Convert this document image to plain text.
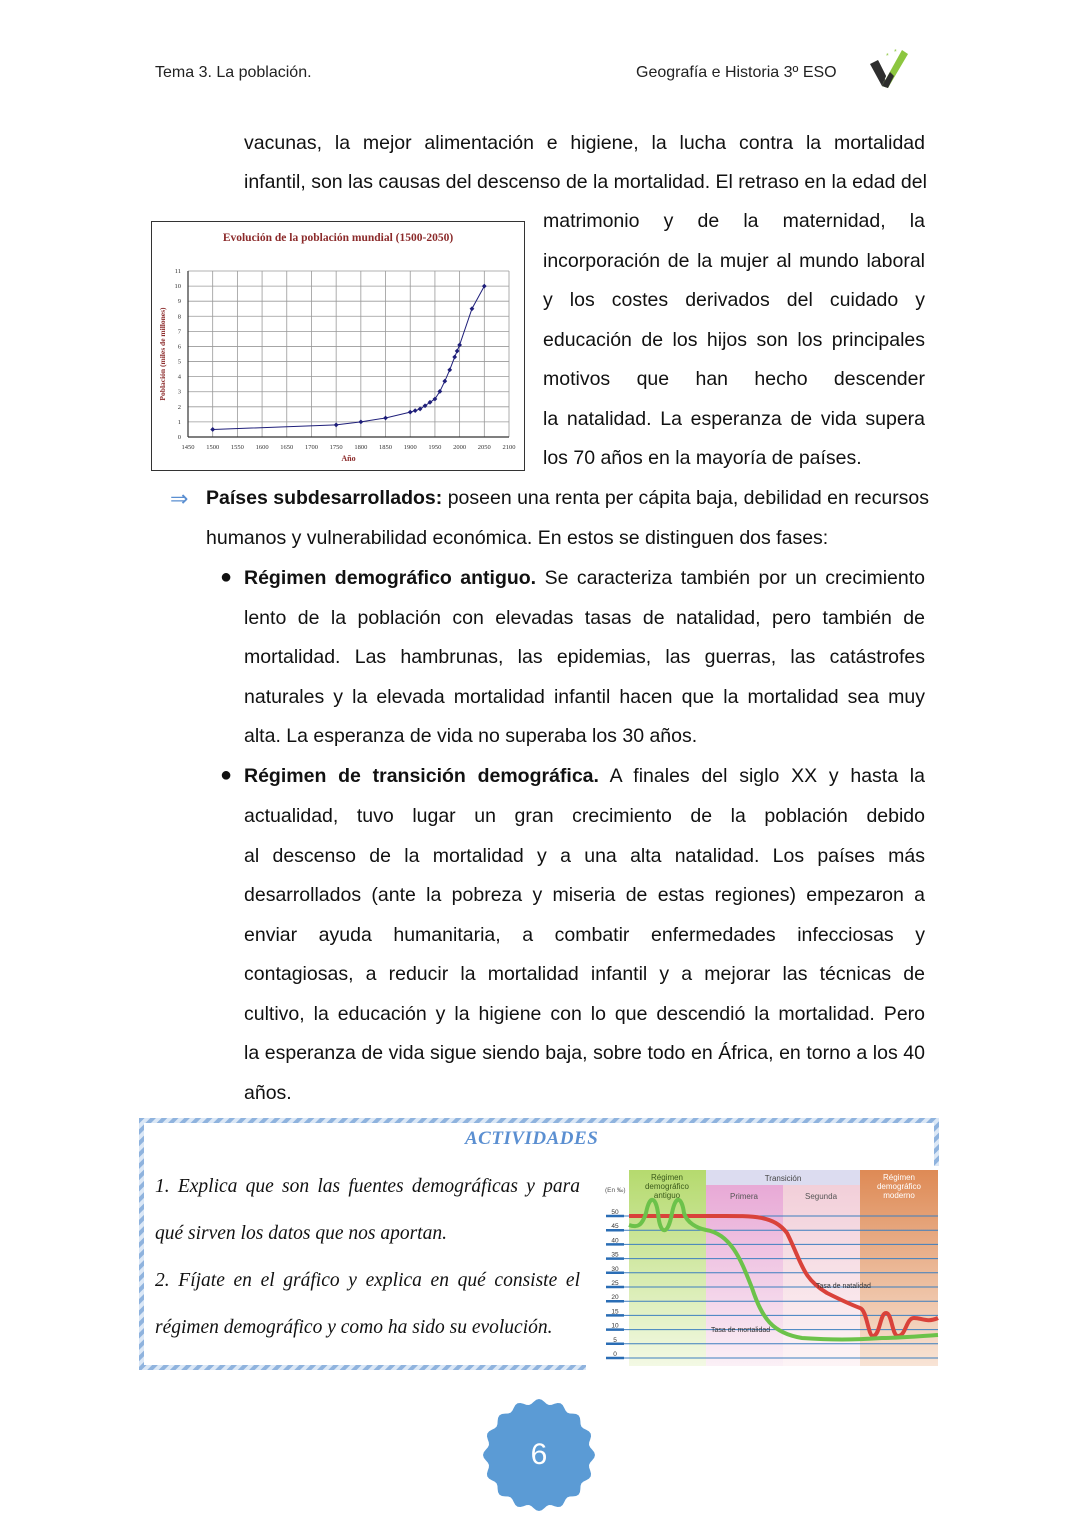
Tema 3. La población.	Geografía e Historia 3º ESO
*
*
vacunas, la mejor alimentación e higiene, la lucha contra la mortalidad
infantil, son las causas del descenso de la mortalidad. El retraso en la edad del
Evolución de la población mundial (1500-2050)
1450 1500 1550 1600 1650 1700 1750 1800 1850 1900 1950 2000 2050 2100
0
1
2
3
4
5
6
7
8
9
10
11
Año
Población (miles de millones)
matrimonio y de la maternidad, la
incorporación de la mujer al mundo laboral
y los costes derivados del cuidado y
educación de los hijos son los principales
motivos que han hecho descender
la natalidad. La esperanza de vida supera
los 70 años en la mayoría de países.
⇒ Países subdesarrollados: poseen una renta per cápita baja, debilidad en recursos
humanos y vulnerabilidad económica. En estos se distinguen dos fases:
● Régimen demográfico antiguo. Se caracteriza también por un crecimiento
lento de la población con elevadas tasas de natalidad, pero también de
mortalidad. Las hambrunas, las epidemias, las guerras, las catástrofes
naturales y la elevada mortalidad infantil hacen que la mortalidad sea muy
alta. La esperanza de vida no superaba los 30 años.
● Régimen de transición demográfica. A finales del siglo XX y hasta la
actualidad, tuvo lugar un gran crecimiento de la población debido
al descenso de la mortalidad y a una alta natalidad. Los países más
desarrollados (ante la pobreza y miseria de estas regiones) empezaron a
enviar ayuda humanitaria, a combatir enfermedades infecciosas y
contagiosas, a reducir la mortalidad infantil y a mejorar las técnicas de
cultivo, la educación y la higiene con lo que descendió la mortalidad. Pero
la esperanza de vida sigue siendo baja, sobre todo en África, en torno a los 40
años.
ACTIVIDADES
1. Explica que son las fuentes demográficas y para
qué sirven los datos que nos aportan.
2. Fíjate en el gráfico y explica en qué consiste el
régimen demográfico y como ha sido su evolución.
Régimen
demográfico
antiguo
Transición
Primera	Segunda
Régimen
demográfico
moderno
(En ‰)
0
5
10
15
20
25
30
35
40
45
50
Tasa de natalidad
Tasa de mortalidad
6
